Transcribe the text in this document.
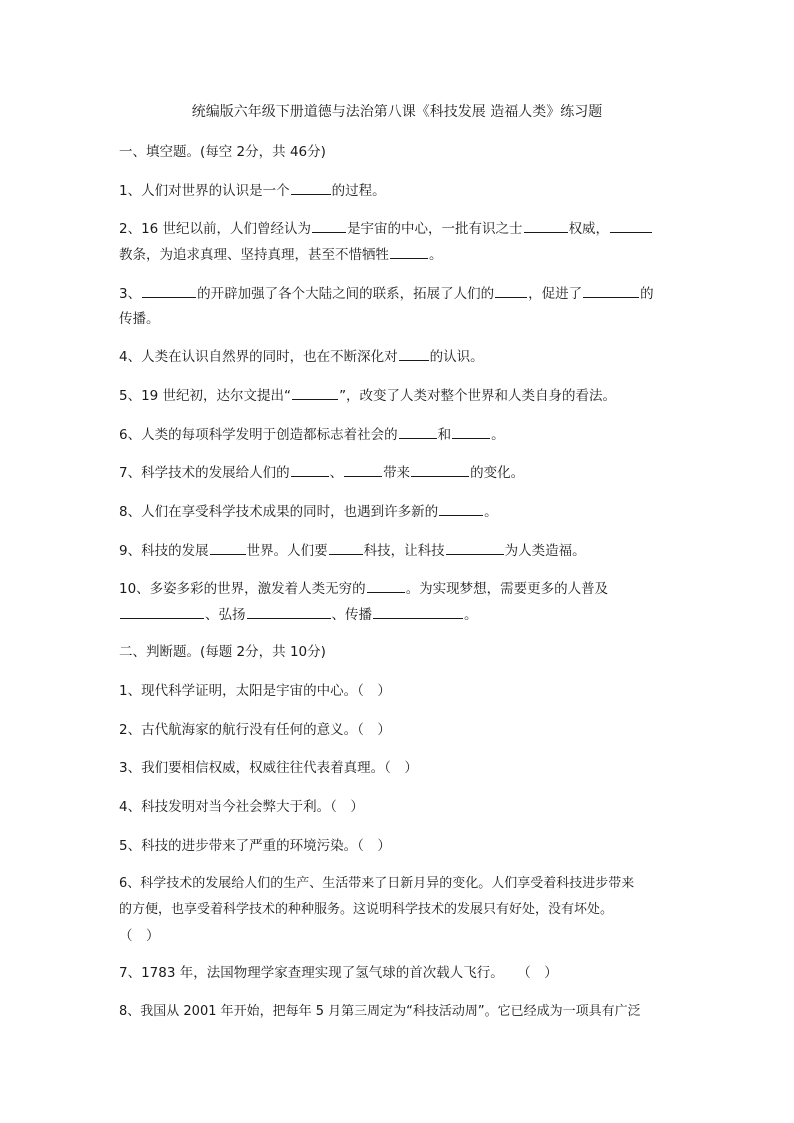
统编版六年级下册道德与法治第八课《科技发展 造福人类》练习题
一、填空题。(每空 2分，共 46分)
1、人们对世界的认识是一个	的过程。
2、16 世纪以前，人们曾经认为	是宇宙的中心，一批有识之士	权威，
教条，为追求真理、坚持真理，甚至不惜牺牲	。
3、	的开辟加强了各个大陆之间的联系，拓展了人们的	，促进了	的
传播。
4、人类在认识自然界的同时，也在不断深化对 的认识。
5、19 世纪初，达尔文提出“	”，改变了人类对整个世界和人类自身的看法。
6、人类的每项科学发明于创造都标志着社会的	和	。
7、科学技术的发展给人们的	、	带来	的变化。
8、人们在享受科学技术成果的同时，也遇到许多新的	。
9、科技的发展	世界。人们要	科技，让科技	为人类造福。
10、多姿多彩的世界，激发着人类无穷的	。为实现梦想，需要更多的人普及
、弘扬	、传播	。
二、判断题。(每题 2分，共 10分)
1、现代科学证明，太阳是宇宙的中心。（　）
2、古代航海家的航行没有任何的意义。（　）
3、我们要相信权威，权威往往代表着真理。（　）
4、科技发明对当今社会弊大于利。（　）
5、科技的进步带来了严重的环境污染。（　）
6、科学技术的发展给人们的生产、生活带来了日新月异的变化。人们享受着科技进步带来
的方便，也享受着科学技术的种种服务。这说明科学技术的发展只有好处，没有坏处。
（　）
7、1783 年，法国物理学家查理实现了氢气球的首次载人飞行。　　（　）
8、我国从 2001 年开始，把每年 5 月第三周定为“科技活动周”。它已经成为一项具有广泛
